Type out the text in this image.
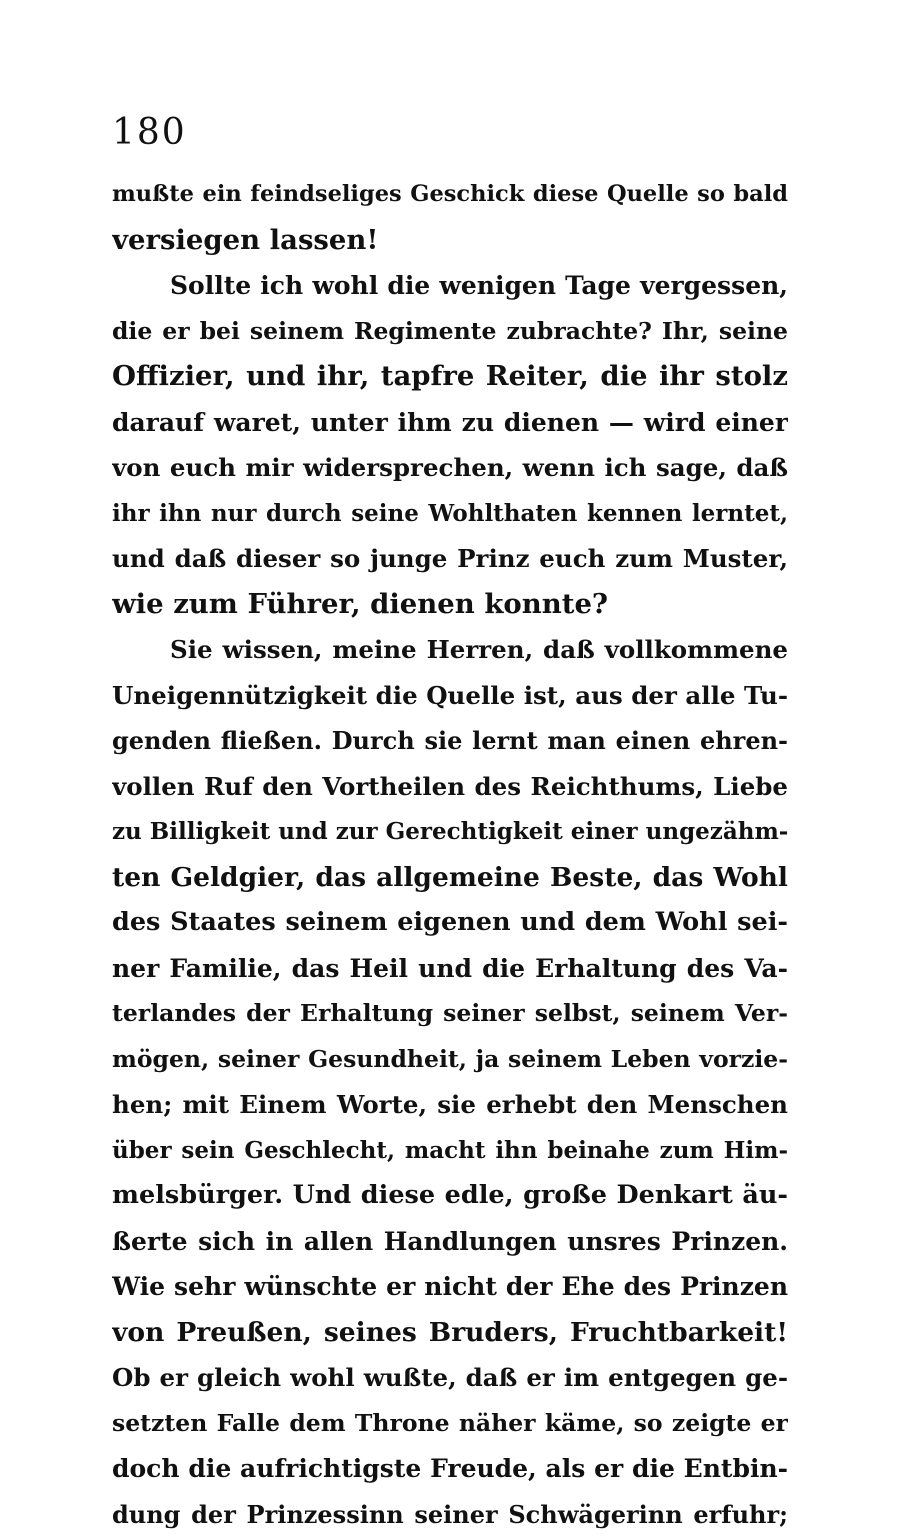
180
mußte ein feindseliges Geschick diese Quelle so bald
versiegen lassen!
Sollte ich wohl die wenigen Tage vergessen,
die er bei seinem Regimente zubrachte? Ihr, seine
Offizier, und ihr, tapfre Reiter, die ihr stolz
darauf waret, unter ihm zu dienen — wird einer
von euch mir widersprechen, wenn ich sage, daß
ihr ihn nur durch seine Wohlthaten kennen lerntet,
und daß dieser so junge Prinz euch zum Muster,
wie zum Führer, dienen konnte?
Sie wissen, meine Herren, daß vollkommene
Uneigennützigkeit die Quelle ist, aus der alle Tu-
genden fließen. Durch sie lernt man einen ehren-
vollen Ruf den Vortheilen des Reichthums, Liebe
zu Billigkeit und zur Gerechtigkeit einer ungezähm-
ten Geldgier, das allgemeine Beste, das Wohl
des Staates seinem eigenen und dem Wohl sei-
ner Familie, das Heil und die Erhaltung des Va-
terlandes der Erhaltung seiner selbst, seinem Ver-
mögen, seiner Gesundheit, ja seinem Leben vorzie-
hen; mit Einem Worte, sie erhebt den Menschen
über sein Geschlecht, macht ihn beinahe zum Him-
melsbürger. Und diese edle, große Denkart äu-
ßerte sich in allen Handlungen unsres Prinzen.
Wie sehr wünschte er nicht der Ehe des Prinzen
von Preußen, seines Bruders, Fruchtbarkeit!
Ob er gleich wohl wußte, daß er im entgegen ge-
setzten Falle dem Throne näher käme, so zeigte er
doch die aufrichtigste Freude, als er die Entbin-
dung der Prinzessinn seiner Schwägerinn erfuhr;
